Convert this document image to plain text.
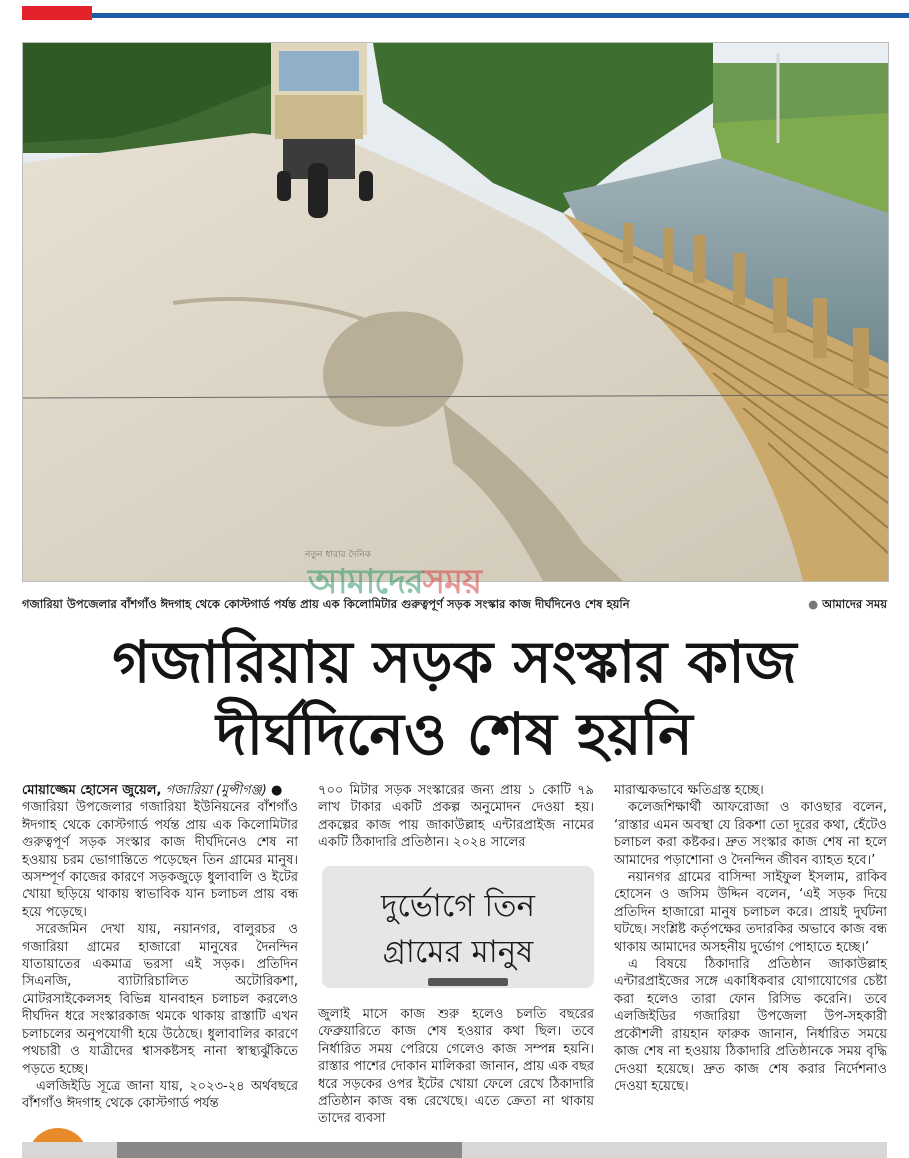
নতুন ধারার দৈনিক
আমাদেরসময়
গজারিয়া উপজেলার বাঁশগাঁও ঈদগাহ থেকে কোস্টগার্ড পর্যন্ত প্রায় এক কিলোমিটার গুরুত্বপূর্ণ সড়ক সংস্কার কাজ দীর্ঘদিনেও শেষ হয়নি	● আমাদের সময়
গজারিয়ায় সড়ক সংস্কার কাজ
দীর্ঘদিনেও শেষ হয়নি

মোয়াজ্জেম হোসেন জুয়েল, গজারিয়া (মুন্সীগঞ্জ) ●

গজারিয়া উপজেলার গজারিয়া ইউনিয়নের বাঁশগাঁও ঈদগাহ থেকে কোস্টগার্ড পর্যন্ত প্রায় এক কিলোমিটার গুরুত্বপূর্ণ সড়ক সংস্কার কাজ দীর্ঘদিনেও শেষ না হওয়ায় চরম ভোগান্তিতে পড়েছেন তিন গ্রামের মানুষ। অসম্পূর্ণ কাজের কারণে সড়কজুড়ে ধুলাবালি ও ইটের খোয়া ছড়িয়ে থাকায় স্বাভাবিক যান চলাচল প্রায় বন্ধ হয়ে পড়েছে।

সরেজমিন দেখা যায়, নয়ানগর, বালুরচর ও গজারিয়া গ্রামের হাজারো মানুষের দৈনন্দিন যাতায়াতের একমাত্র ভরসা এই সড়ক। প্রতিদিন সিএনজি, ব্যাটারিচালিত অটোরিকশা, মোটরসাইকেলসহ বিভিন্ন যানবাহন চলাচল করলেও দীর্ঘদিন ধরে সংস্কারকাজ থমকে থাকায় রাস্তাটি এখন চলাচলের অনুপযোগী হয়ে উঠেছে। ধুলাবালির কারণে পথচারী ও যাত্রীদের শ্বাসকষ্টসহ নানা স্বাস্থ্যঝুঁকিতে পড়তে হচ্ছে।

এলজিইডি সূত্রে জানা যায়, ২০২৩-২৪ অর্থবছরে বাঁশগাঁও ঈদগাহ থেকে কোস্টগার্ড পর্যন্ত

৭০০ মিটার সড়ক সংস্কারের জন্য প্রায় ১ কোটি ৭৯ লাখ টাকার একটি প্রকল্প অনুমোদন দেওয়া হয়। প্রকল্পের কাজ পায় জাকাউল্লাহ এন্টারপ্রাইজ নামের একটি ঠিকাদারি প্রতিষ্ঠান। ২০২৪ সালের

দুর্ভোগে তিন
গ্রামের মানুষ

জুলাই মাসে কাজ শুরু হলেও চলতি বছরের ফেব্রুয়ারিতে কাজ শেষ হওয়ার কথা ছিল। তবে নির্ধারিত সময় পেরিয়ে গেলেও কাজ সম্পন্ন হয়নি। রাস্তার পাশের দোকান মালিকরা জানান, প্রায় এক বছর ধরে সড়কের ওপর ইটের খোয়া ফেলে রেখে ঠিকাদারি প্রতিষ্ঠান কাজ বন্ধ রেখেছে। এতে ক্রেতা না থাকায় তাদের ব্যবসা

মারাত্মকভাবে ক্ষতিগ্রস্ত হচ্ছে।

কলেজশিক্ষার্থী আফরোজা ও কাওছার বলেন, ‘রাস্তার এমন অবস্থা যে রিকশা তো দূরের কথা, হেঁটেও চলাচল করা কষ্টকর। দ্রুত সংস্কার কাজ শেষ না হলে আমাদের পড়াশোনা ও দৈনন্দিন জীবন ব্যাহত হবে।’

নয়ানগর গ্রামের বাসিন্দা সাইফুল ইসলাম, রাকিব হোসেন ও জসিম উদ্দিন বলেন, ‘এই সড়ক দিয়ে প্রতিদিন হাজারো মানুষ চলাচল করে। প্রায়ই দুর্ঘটনা ঘটছে। সংশ্লিষ্ট কর্তৃপক্ষের তদারকির অভাবে কাজ বন্ধ থাকায় আমাদের অসহনীয় দুর্ভোগ পোহাতে হচ্ছে।’

এ বিষয়ে ঠিকাদারি প্রতিষ্ঠান জাকাউল্লাহ এন্টারপ্রাইজের সঙ্গে একাধিকবার যোগাযোগের চেষ্টা করা হলেও তারা ফোন রিসিভ করেনি। তবে এলজিইডির গজারিয়া উপজেলা উপ-সহকারী প্রকৌশলী রায়হান ফারুক জানান, নির্ধারিত সময়ে কাজ শেষ না হওয়ায় ঠিকাদারি প্রতিষ্ঠানকে সময় বৃদ্ধি দেওয়া হয়েছে। দ্রুত কাজ শেষ করার নির্দেশনাও দেওয়া হয়েছে।
